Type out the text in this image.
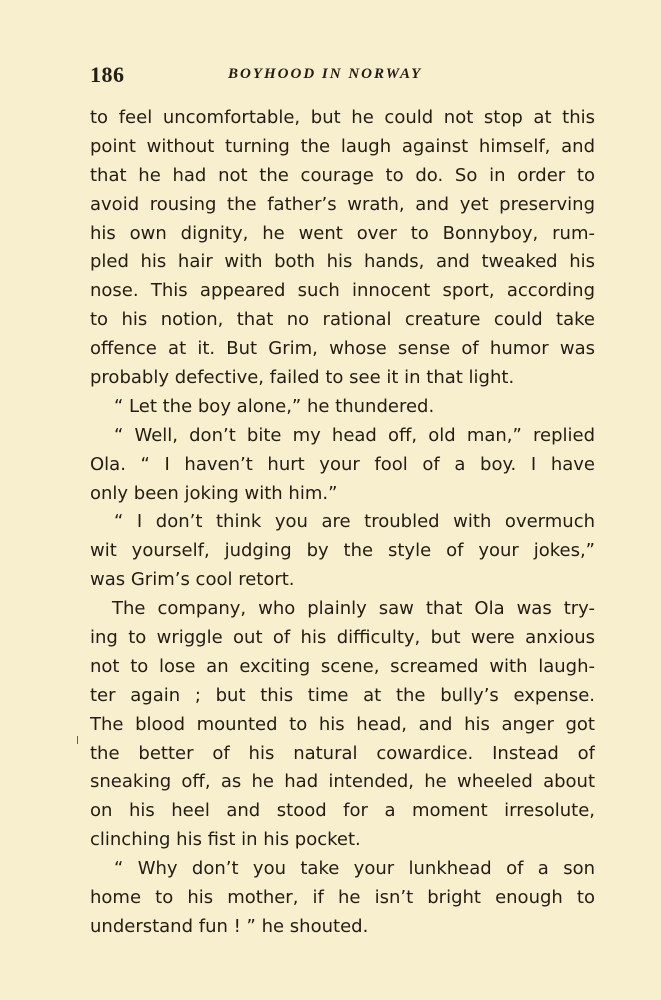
186	BOYHOOD IN NORWAY
to feel uncomfortable, but he could not stop at this
point without turning the laugh against himself, and
that he had not the courage to do. So in order to
avoid rousing the father’s wrath, and yet preserving
his own dignity, he went over to Bonnyboy, rum-
pled his hair with both his hands, and tweaked his
nose. This appeared such innocent sport, according
to his notion, that no rational creature could take
offence at it. But Grim, whose sense of humor was
probably defective, failed to see it in that light.
“ Let the boy alone,” he thundered.
“ Well, don’t bite my head off, old man,” replied
Ola. “ I haven’t hurt your fool of a boy. I have
only been joking with him.”
“ I don’t think you are troubled with overmuch
wit yourself, judging by the style of your jokes,”
was Grim’s cool retort.
The company, who plainly saw that Ola was try-
ing to wriggle out of his difficulty, but were anxious
not to lose an exciting scene, screamed with laugh-
ter again ; but this time at the bully’s expense.
The blood mounted to his head, and his anger got
the better of his natural cowardice. Instead of
sneaking off, as he had intended, he wheeled about
on his heel and stood for a moment irresolute,
clinching his fist in his pocket.
“ Why don’t you take your lunkhead of a son
home to his mother, if he isn’t bright enough to
understand fun ! ” he shouted.
